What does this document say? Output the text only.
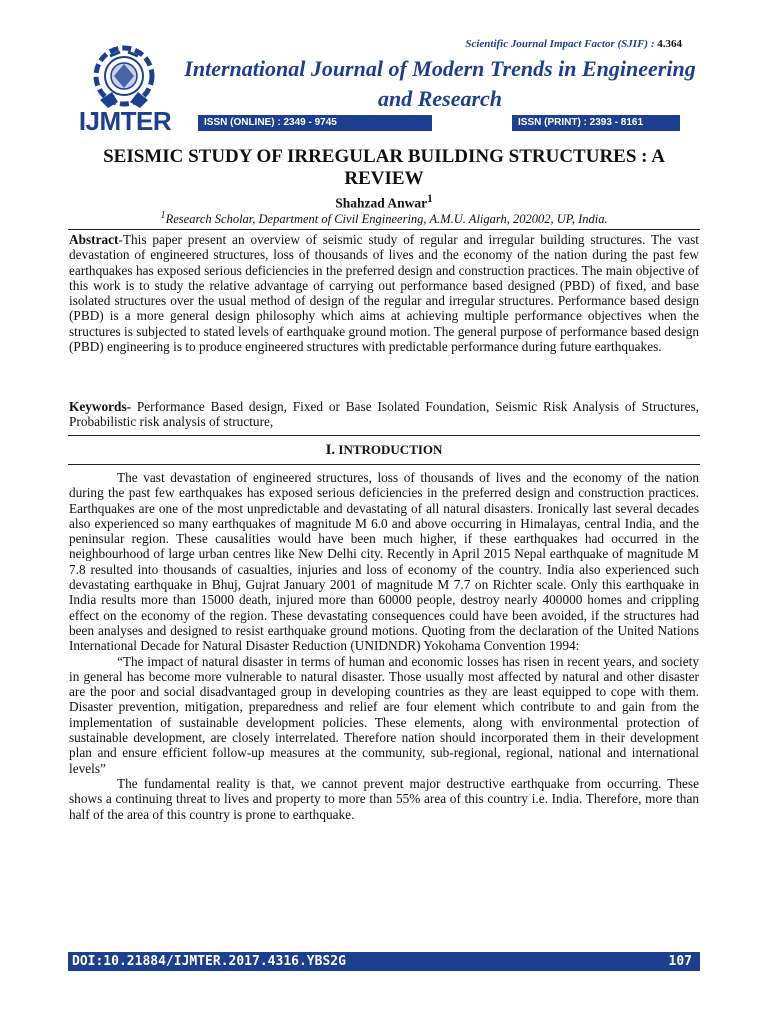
Scientific Journal Impact Factor (SJIF) : 4.364
IJMTER
International Journal of Modern Trends in Engineering
and Research
ISSN (ONLINE) : 2349 - 9745	ISSN (PRINT) : 2393 - 8161
SEISMIC STUDY OF IRREGULAR BUILDING STRUCTURES : A
REVIEW
Shahzad Anwar$^1$
$^1$Research Scholar, Department of Civil Engineering, A.M.U. Aligarh, 202002, UP, India.
Abstract-This paper present an overview of seismic study of regular and irregular building structures. The vast devastation of engineered structures, loss of thousands of lives and the economy of the nation during the past few earthquakes has exposed serious deficiencies in the preferred design and construction practices. The main objective of this work is to study the relative advantage of carrying out performance based designed (PBD) of fixed, and base isolated structures over the usual method of design of the regular and irregular structures. Performance based design (PBD) is a more general design philosophy which aims at achieving multiple performance objectives when the structures is subjected to stated levels of earthquake ground motion. The general purpose of performance based design (PBD) engineering is to produce engineered structures with predictable performance during future earthquakes.
Keywords- Performance Based design, Fixed or Base Isolated Foundation, Seismic Risk Analysis of Structures, Probabilistic risk analysis of structure,
I. INTRODUCTION

The vast devastation of engineered structures, loss of thousands of lives and the economy of the nation during the past few earthquakes has exposed serious deficiencies in the preferred design and construction practices. Earthquakes are one of the most unpredictable and devastating of all natural disasters. Ironically last several decades also experienced so many earthquakes of magnitude M 6.0 and above occurring in Himalayas, central India, and the peninsular region. These causalities would have been much higher, if these earthquakes had occurred in the neighbourhood of large urban centres like New Delhi city. Recently in April 2015 Nepal earthquake of magnitude M 7.8 resulted into thousands of casualties, injuries and loss of economy of the country. India also experienced such devastating earthquake in Bhuj, Gujrat January 2001 of magnitude M 7.7 on Richter scale. Only this earthquake in India results more than 15000 death, injured more than 60000 people, destroy nearly 400000 homes and crippling effect on the economy of the region. These devastating consequences could have been avoided, if the structures had been analyses and designed to resist earthquake ground motions. Quoting from the declaration of the United Nations International Decade for Natural Disaster Reduction (UNIDNDR) Yokohama Convention 1994:

“The impact of natural disaster in terms of human and economic losses has risen in recent years, and society in general has become more vulnerable to natural disaster. Those usually most affected by natural and other disaster are the poor and social disadvantaged group in developing countries as they are least equipped to cope with them. Disaster prevention, mitigation, preparedness and relief are four element which contribute to and gain from the implementation of sustainable development policies. These elements, along with environmental protection of sustainable development, are closely interrelated. Therefore nation should incorporated them in their development plan and ensure efficient follow-up measures at the community, sub-regional, regional, national and international levels”

The fundamental reality is that, we cannot prevent major destructive earthquake from occurring. These shows a continuing threat to lives and property to more than 55% area of this country i.e. India. Therefore, more than half of the area of this country is prone to earthquake.

DOI:10.21884/IJMTER.2017.4316.YBS2G	107
